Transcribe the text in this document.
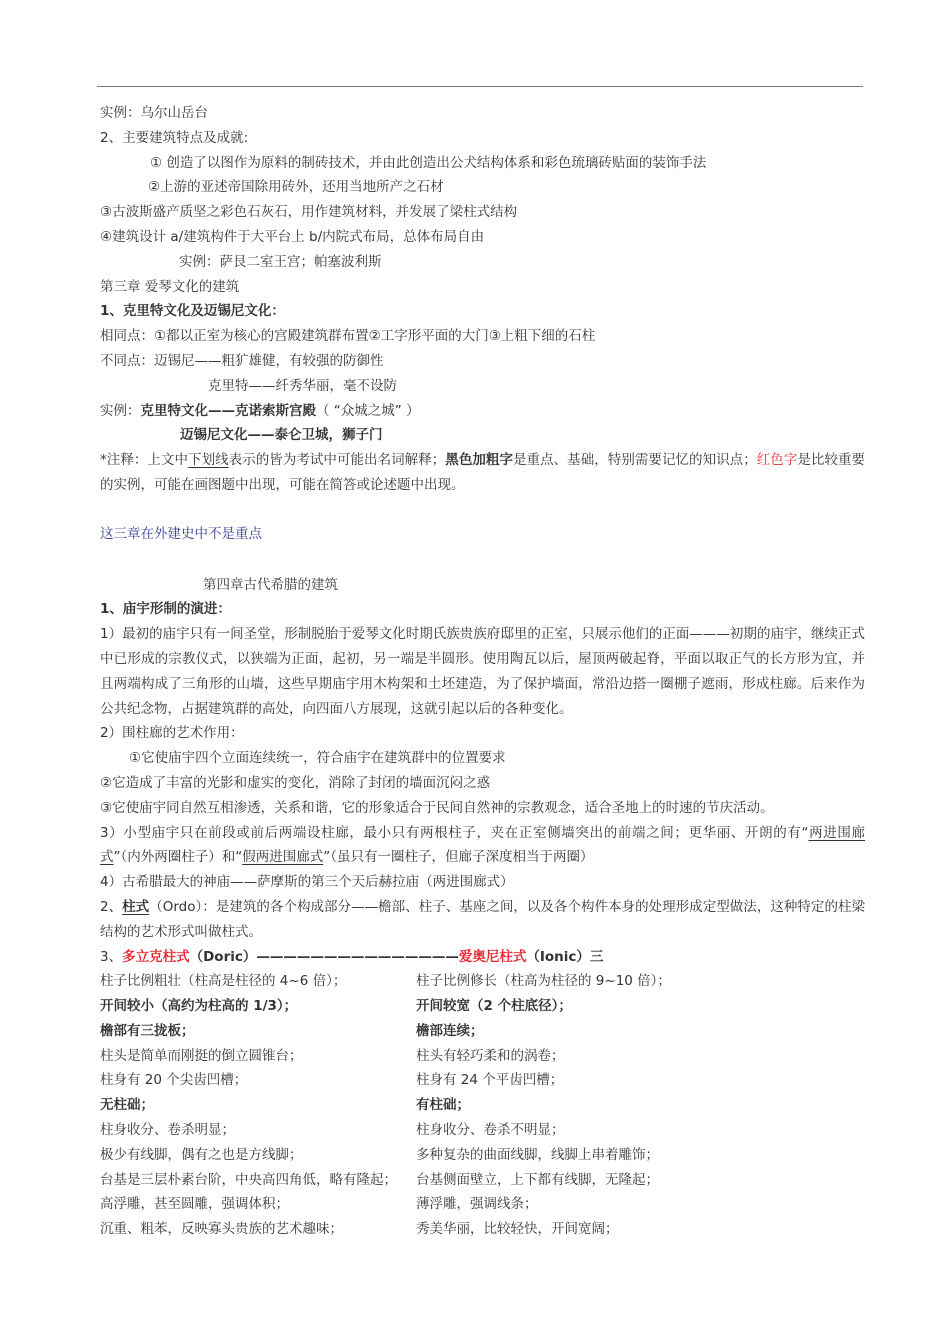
实例：乌尔山岳台
2、主要建筑特点及成就:
① 创造了以图作为原料的制砖技术，并由此创造出公犬结构体系和彩色琉璃砖贴面的装饰手法
②上游的亚述帝国除用砖外，还用当地所产之石材
③古波斯盛产质坚之彩色石灰石，用作建筑材料，并发展了梁柱式结构
④建筑设计 a/建筑构件于大平台上 b/内院式布局，总体布局自由
实例：萨艮二室王宫；帕塞波利斯
第三章 爱琴文化的建筑
1、克里特文化及迈锡尼文化：
相同点：①都以正室为核心的宫殿建筑群布置②工字形平面的大门③上粗下细的石柱
不同点：迈锡尼——粗犷雄健，有较强的防御性
克里特——纤秀华丽，毫不设防
实例：克里特文化——克诺索斯宫殿（ “众城之城” ）
迈锡尼文化——泰仑卫城，狮子门
*注释：上文中下划线表示的皆为考试中可能出名词解释；黑色加粗字是重点、基础，特别需要记忆的知识点；红色字是比较重要的实例，可能在画图题中出现，可能在简答或论述题中出现。
这三章在外建史中不是重点
第四章古代希腊的建筑
1、庙宇形制的演进：
1）最初的庙宇只有一间圣堂，形制脱胎于爱琴文化时期氏族贵族府邸里的正室，只展示他们的正面———初期的庙宇，继续正式中已形成的宗教仪式，以狭端为正面，起初，另一端是半圆形。使用陶瓦以后，屋顶两破起脊，平面以取正气的长方形为宜，并且两端构成了三角形的山墙，这些早期庙宇用木构架和土坯建造，为了保护墙面，常沿边搭一圈棚子遮雨，形成柱廊。后来作为公共纪念物，占据建筑群的高处，向四面八方展现，这就引起以后的各种变化。
2）围柱廊的艺术作用：
①它使庙宇四个立面连续统一，符合庙宇在建筑群中的位置要求
②它造成了丰富的光影和虚实的变化，消除了封闭的墙面沉闷之惑
③它使庙宇同自然互相渗透，关系和谐，它的形象适合于民间自然神的宗教观念，适合圣地上的时速的节庆活动。
3）小型庙宇只在前段或前后两端设柱廊，最小只有两根柱子，夹在正室侧墙突出的前端之间；更华丽、开朗的有“两进围廊式”（内外两圈柱子）和“假两进围廊式”（虽只有一圈柱子，但廊子深度相当于两圈）
4）古希腊最大的神庙——萨摩斯的第三个天后赫拉庙（两进围廊式）
2、柱式（Ordo）：是建筑的各个构成部分——檐部、柱子、基座之间，以及各个构件本身的处理形成定型做法，这种特定的柱梁结构的艺术形式叫做柱式。
3、多立克柱式（Doric）———————————————爱奥尼柱式（Ionic）三
柱子比例粗壮（柱高是柱径的 4~6 倍）；	柱子比例修长（柱高为柱径的 9~10 倍）；
开间较小（高约为柱高的 1/3）；	开间较宽（2 个柱底径）；
檐部有三拢板；	檐部连续；
柱头是简单而刚挺的倒立圆锥台；	柱头有轻巧柔和的涡卷；
柱身有 20 个尖齿凹槽；	柱身有 24 个平齿凹槽；
无柱础；	有柱础；
柱身收分、卷杀明显；	柱身收分、卷杀不明显；
极少有线脚，偶有之也是方线脚；	多种复杂的曲面线脚，线脚上串着雕饰；
台基是三层朴素台阶，中央高四角低，略有隆起；	台基侧面壁立，上下都有线脚，无隆起；
高浮雕，甚至圆雕，强调体积；	薄浮雕，强调线条；
沉重、粗苯，反映寡头贵族的艺术趣味；	秀美华丽，比较轻快，开间宽阔；
